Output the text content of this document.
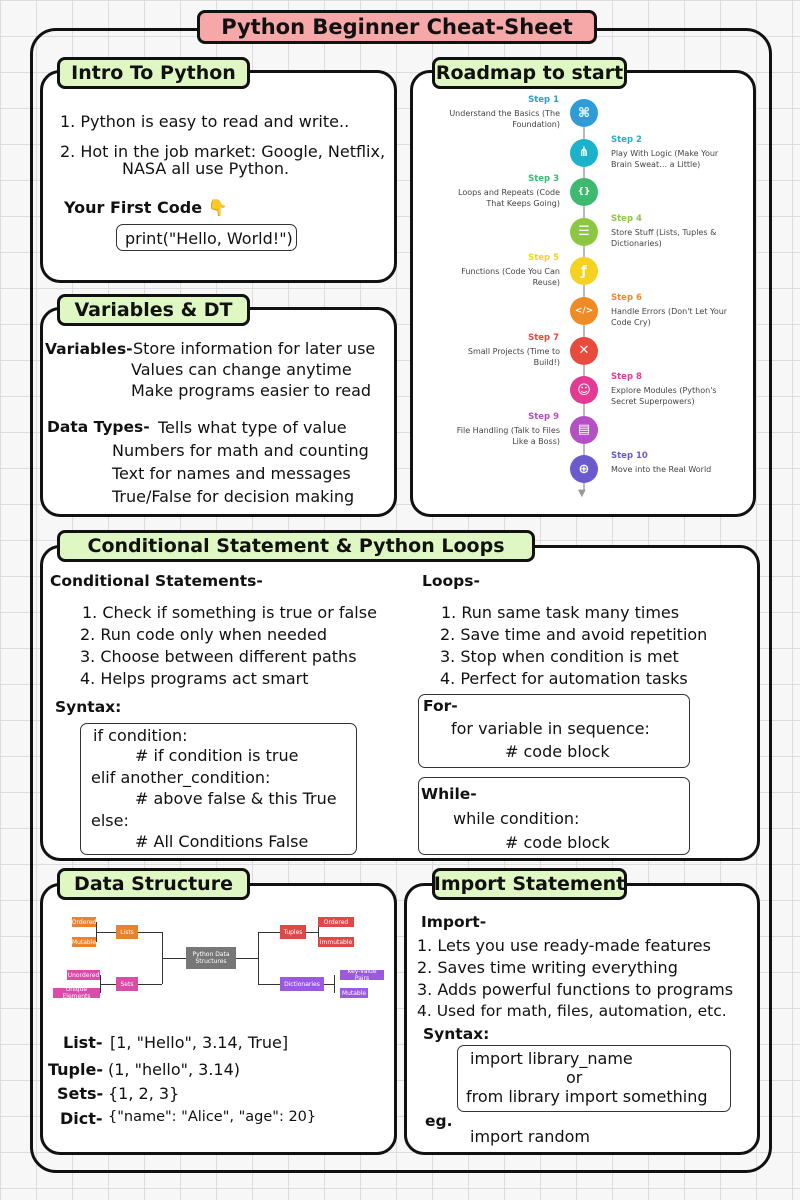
Python Beginner Cheat-Sheet
Intro To Python
1. Python is easy to read and write..
2. Hot in the job market: Google, Netflix,
NASA all use Python.
Your First Code 👇
print("Hello, World!")
Roadmap to start
▼
⌘
Step 1
Understand the Basics (The Foundation)
⋔
Step 2
Play With Logic (Make Your Brain Sweat… a Little)
{}
Step 3
Loops and Repeats (Code That Keeps Going)
☰
Step 4
Store Stuff (Lists, Tuples & Dictionaries)
ƒ
Step 5
Functions (Code You Can Reuse)
</>
Step 6
Handle Errors (Don't Let Your Code Cry)
✕
Step 7
Small Projects (Time to Build!)
☺
Step 8
Explore Modules (Python's Secret Superpowers)
▤
Step 9
File Handling (Talk to Files Like a Boss)
⊕
Step 10
Move into the Real World
Variables & DT
Variables- Store information for later use
Values can change anytime
Make programs easier to read
Data Types- Tells what type of value
Numbers for math and counting
Text for names and messages
True/False for decision making
Conditional Statement & Python Loops
Conditional Statements-
1. Check if something is true or false
2. Run code only when needed
3. Choose between different paths
4. Helps programs act smart
Syntax:
if condition:
# if condition is true
elif another_condition:
# above false & this True
else:
# All Conditions False
Loops-
1. Run same task many times
2. Save time and avoid repetition
3. Stop when condition is met
4. Perfect for automation tasks
For-
for variable in sequence:
# code block
While-
while condition:
# code block
Data Structure
Ordered
Mutable
Lists
Unordered
Unique Elements
Sets
Python Data Structures
Tuples
Ordered
Immutable
Dictionaries
Key-Value Pairs
Mutable
List- [1, "Hello", 3.14, True]
Tuple- (1, "hello", 3.14)
Sets- {1, 2, 3}
Dict- {"name": "Alice", "age": 20}
Import Statement
Import-
1. Lets you use ready-made features
2. Saves time writing everything
3. Adds powerful functions to programs
4. Used for math, files, automation, etc.
Syntax:
import library_name
or
from library import something
eg.
import random
